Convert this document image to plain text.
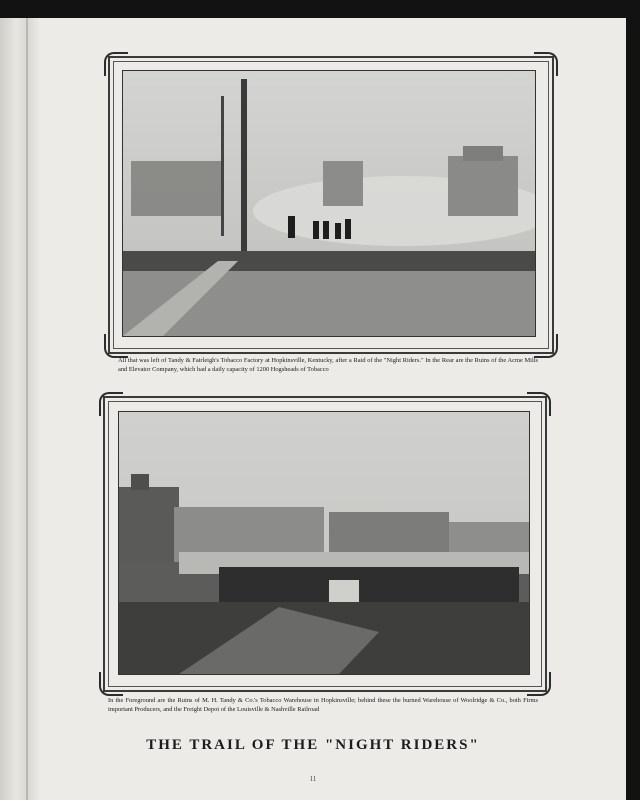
All that was left of Tandy & Fairleigh's Tobacco Factory at Hopkinsville, Kentucky, after a Raid of the "Night Riders." In the Rear are the Ruins of the Acme Mills and Elevator Company, which had a daily capacity of 1200 Hogsheads of Tobacco
In the Foreground are the Ruins of M. H. Tandy & Co.'s Tobacco Warehouse in Hopkinsville; behind these the burned Warehouse of Woolridge & Co., both Firms important Producers, and the Freight Depot of the Louisville & Nashville Railroad
THE TRAIL OF THE "NIGHT RIDERS"
11
